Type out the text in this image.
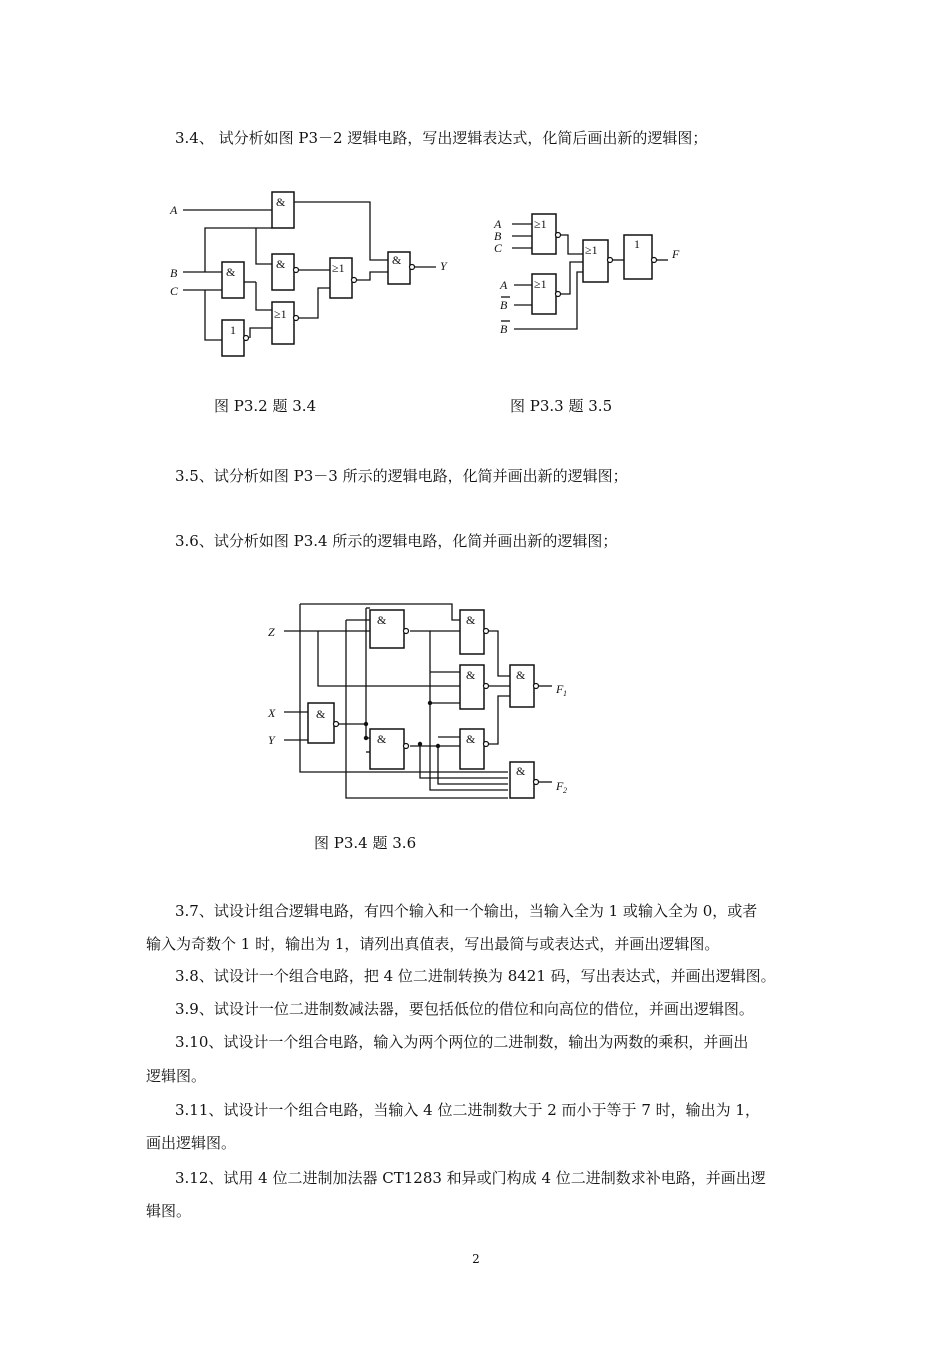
3.4、 试分析如图 P3－2 逻辑电路，写出逻辑表达式，化简后画出新的逻辑图；
A
B
C
Y
&
&
&
≥1
1
≥1
&
A
B
C
A
B
B
F
≥1
≥1
≥1	1
图 P3.2 题 3.4	图 P3.3 题 3.5
3.5、试分析如图 P3－3 所示的逻辑电路，化简并画出新的逻辑图；
3.6、试分析如图 P3.4 所示的逻辑电路，化简并画出新的逻辑图；
Z
X
Y
F 1
F 2
&	&
&	&
&
&	&
&
图 P3.4 题 3.6
3.7、试设计组合逻辑电路，有四个输入和一个输出，当输入全为 1 或输入全为 0，或者
输入为奇数个 1 时，输出为 1，请列出真值表，写出最简与或表达式，并画出逻辑图。
3.8、试设计一个组合电路，把 4 位二进制转换为 8421 码，写出表达式，并画出逻辑图。
3.9、试设计一位二进制数减法器，要包括低位的借位和向高位的借位，并画出逻辑图。
3.10、试设计一个组合电路，输入为两个两位的二进制数，输出为两数的乘积，并画出
逻辑图。
3.11、试设计一个组合电路，当输入 4 位二进制数大于 2 而小于等于 7 时，输出为 1，
画出逻辑图。
3.12、试用 4 位二进制加法器 CT1283 和异或门构成 4 位二进制数求补电路，并画出逻
辑图。
2
